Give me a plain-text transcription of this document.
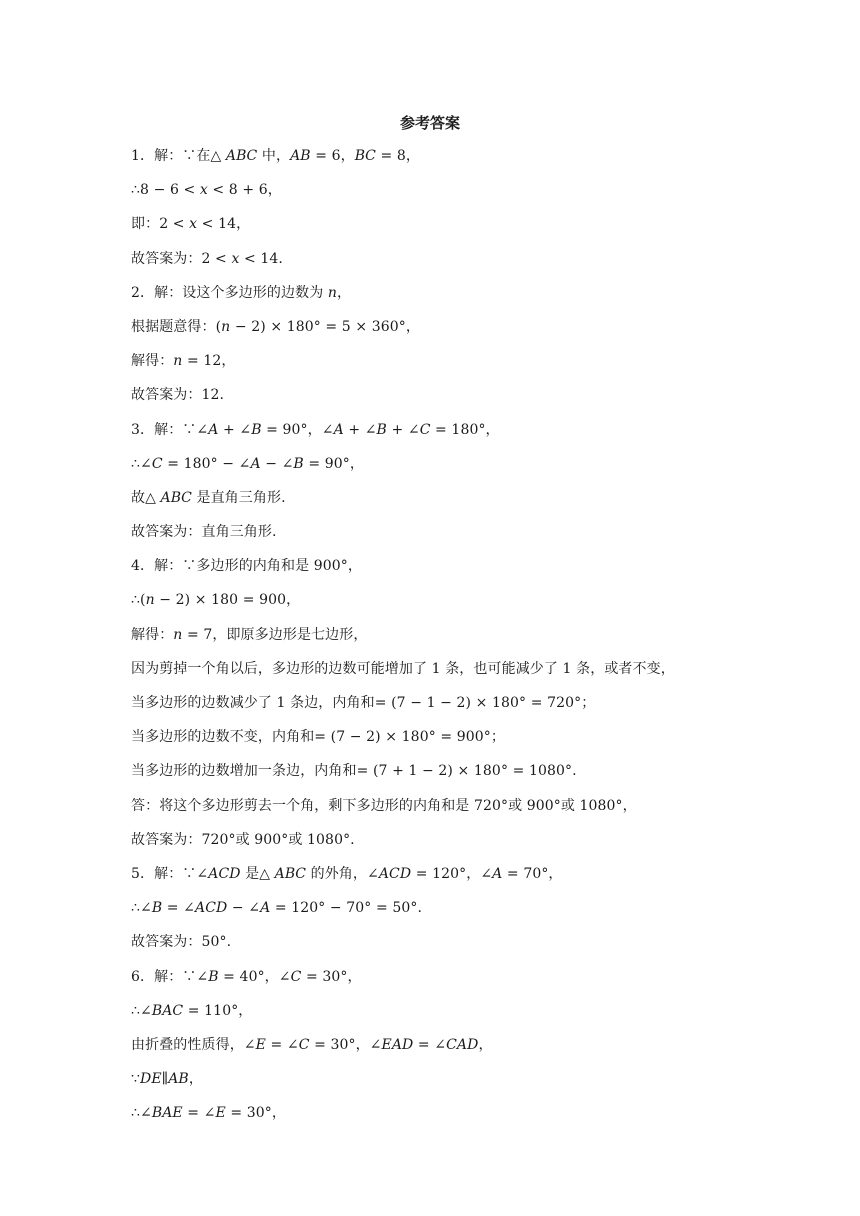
参考答案
1．解：∵在△ 𝐴𝐵𝐶 中，𝐴𝐵 = 6，𝐵𝐶 = 8，
∴8 − 6 < 𝑥 < 8 + 6，
即：2 < 𝑥 < 14，
故答案为：2 < 𝑥 < 14.
2．解：设这个多边形的边数为 𝑛，
根据题意得：(𝑛 − 2) × 180° = 5 × 360°，
解得：𝑛 = 12，
故答案为：12.
3．解：∵∠𝐴 + ∠𝐵 = 90°，∠𝐴 + ∠𝐵 + ∠𝐶 = 180°，
∴∠𝐶 = 180° − ∠𝐴 − ∠𝐵 = 90°，
故△ 𝐴𝐵𝐶 是直角三角形.
故答案为：直角三角形.
4．解：∵多边形的内角和是 900°，
∴(𝑛 − 2) × 180 = 900，
解得：𝑛 = 7，即原多边形是七边形，
因为剪掉一个角以后，多边形的边数可能增加了 1 条，也可能减少了 1 条，或者不变，
当多边形的边数减少了 1 条边，内角和= (7 − 1 − 2) × 180° = 720°；
当多边形的边数不变，内角和= (7 − 2) × 180° = 900°；
当多边形的边数增加一条边，内角和= (7 + 1 − 2) × 180° = 1080°.
答：将这个多边形剪去一个角，剩下多边形的内角和是 720°或 900°或 1080°，
故答案为：720°或 900°或 1080°.
5．解：∵∠𝐴𝐶𝐷 是△ 𝐴𝐵𝐶 的外角，∠𝐴𝐶𝐷 = 120°，∠𝐴 = 70°，
∴∠𝐵 = ∠𝐴𝐶𝐷 − ∠𝐴 = 120° − 70° = 50°.
故答案为：50°.
6．解：∵∠𝐵 = 40°，∠𝐶 = 30°，
∴∠𝐵𝐴𝐶 = 110°，
由折叠的性质得，∠𝐸 = ∠𝐶 = 30°，∠𝐸𝐴𝐷 = ∠𝐶𝐴𝐷，
∵𝐷𝐸∥𝐴𝐵，
∴∠𝐵𝐴𝐸 = ∠𝐸 = 30°，
